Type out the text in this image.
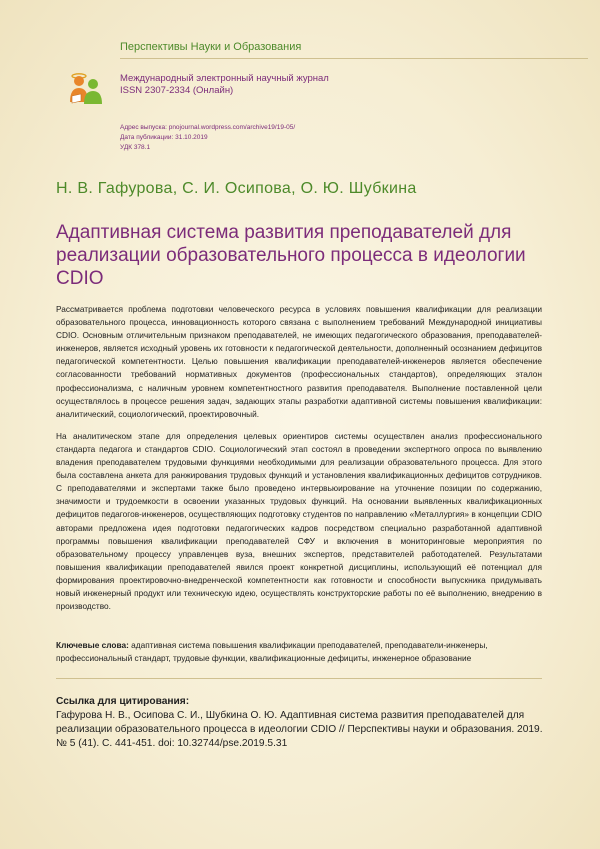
Перспективы Науки и Образования
Международный электронный научный журнал
ISSN 2307-2334 (Онлайн)
Адрес выпуска: pnojournal.wordpress.com/archive19/19-05/
Дата публикации: 31.10.2019
УДК 378.1
Н. В. Гафурова, С. И. Осипова, О. Ю. Шубкина
Адаптивная система развития преподавателей для реализации образовательного процесса в идеологии CDIO

Рассматривается проблема подготовки человеческого ресурса в условиях повышения квалификации для реализации образовательного процесса, инновационность которого связана с выполнением требований Международной инициативы CDIO. Основным отличительным признаком преподавателей, не имеющих педагогического образования, преподавателей-инженеров, является исходный уровень их готовности к педагогической деятельности, дополненный осознанием дефицитов педагогической компетентности. Целью повышения квалификации преподавателей-инженеров является обеспечение согласованности требований нормативных документов (профессиональных стандартов), определяющих эталон профессионализма, с наличным уровнем компетентностного развития преподавателя. Выполнение поставленной цели осуществлялось в процессе решения задач, задающих этапы разработки адаптивной системы повышения квалификации: аналитический, социологический, проектировочный.

На аналитическом этапе для определения целевых ориентиров системы осуществлен анализ профессионального стандарта педагога и стандартов CDIO. Социологический этап состоял в проведении экспертного опроса по выявлению владения преподавателем трудовыми функциями необходимыми для реализации образовательного процесса. Для этого была составлена анкета для ранжирования трудовых функций и установления квалификационных дефицитов сотрудников. С преподавателями и экспертами также было проведено интервьюирование на уточнение позиции по содержанию, значимости и трудоемкости в освоении указанных трудовых функций. На основании выявленных квалификационных дефицитов педагогов-инженеров, осуществляющих подготовку студентов по направлению «Металлургия» в концепции CDIO авторами предложена идея подготовки педагогических кадров посредством специально разработанной адаптивной программы повышения квалификации преподавателей СФУ и включения в мониторинговые мероприятия по образовательному процессу управленцев вуза, внешних экспертов, представителей работодателей. Результатами повышения квалификации преподавателей явился проект конкретной дисциплины, использующий её потенциал для формирования проектировочно-внедренческой компетентности как готовности и способности выпускника придумывать новый инженерный продукт или техническую идею, осуществлять конструкторские работы по её выполнению, внедрению в производство.

Ключевые слова: адаптивная система повышения квалификации преподавателей, преподаватели-инженеры, профессиональный стандарт, трудовые функции, квалификационные дефициты, инженерное образование
Ссылка для цитирования:
Гафурова Н. В., Осипова С. И., Шубкина О. Ю. Адаптивная система развития преподавателей для реализации образовательного процесса в идеологии CDIO // Перспективы науки и образования. 2019. № 5 (41). С. 441-451. doi: 10.32744/pse.2019.5.31
